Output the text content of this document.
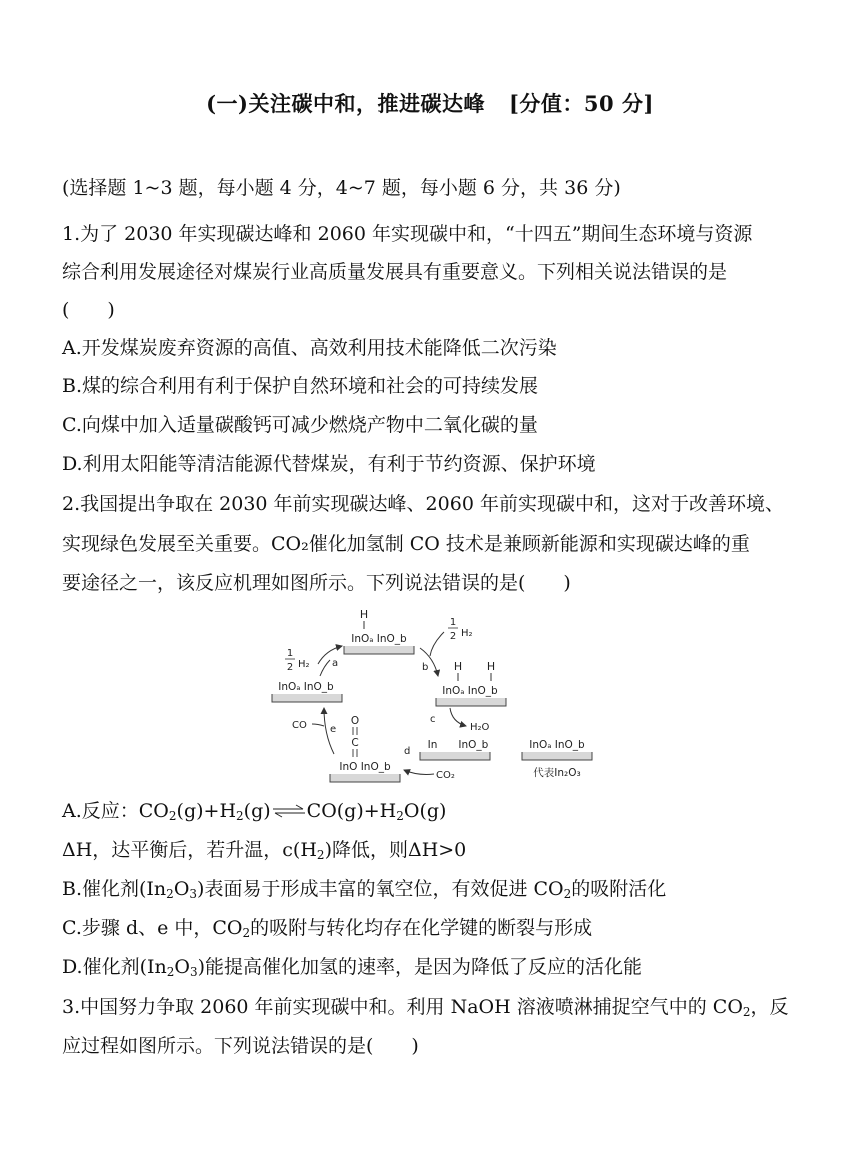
(一)关注碳中和，推进碳达峰 [分值：50 分]
(选择题 1~3 题，每小题 4 分，4~7 题，每小题 6 分，共 36 分)
1.为了 2030 年实现碳达峰和 2060 年实现碳中和，“十四五”期间生态环境与资源
综合利用发展途径对煤炭行业高质量发展具有重要意义。下列相关说法错误的是
(　　)
A.开发煤炭废弃资源的高值、高效利用技术能降低二次污染
B.煤的综合利用有利于保护自然环境和社会的可持续发展
C.向煤中加入适量碳酸钙可减少燃烧产物中二氧化碳的量
D.利用太阳能等清洁能源代替煤炭，有利于节约资源、保护环境
2.我国提出争取在 2030 年前实现碳达峰、2060 年前实现碳中和，这对于改善环境、
实现绿色发展至关重要。CO₂催化加氢制 CO 技术是兼顾新能源和实现碳达峰的重
要途径之一，该反应机理如图所示。下列说法错误的是(　　)
H
InOₐ InO_b
1
2 H₂ a
1
2 H₂
b
InOₐ InO_b
H H
InOₐ InO_b
c
H₂O
In　　InO_b
d
CO₂
O
C
InO InO_b
e
CO
InOₐ InO_b
代表In₂O₃
A.反应：$CO_2(g)+H_2(g)\rightleftharpoons CO(g)+H_2O(g)$
ΔH，达平衡后，若升温，$c(H_2)$降低，则ΔH>0
B.催化剂$(In_2O_3)$表面易于形成丰富的氧空位，有效促进 $CO_2$的吸附活化
C.步骤 d、e 中，$CO_2$的吸附与转化均存在化学键的断裂与形成
D.催化剂$(In_2O_3)$能提高催化加氢的速率，是因为降低了反应的活化能
3.中国努力争取 2060 年前实现碳中和。利用 NaOH 溶液喷淋捕捉空气中的 $CO_2$，反
应过程如图所示。下列说法错误的是(　　)
